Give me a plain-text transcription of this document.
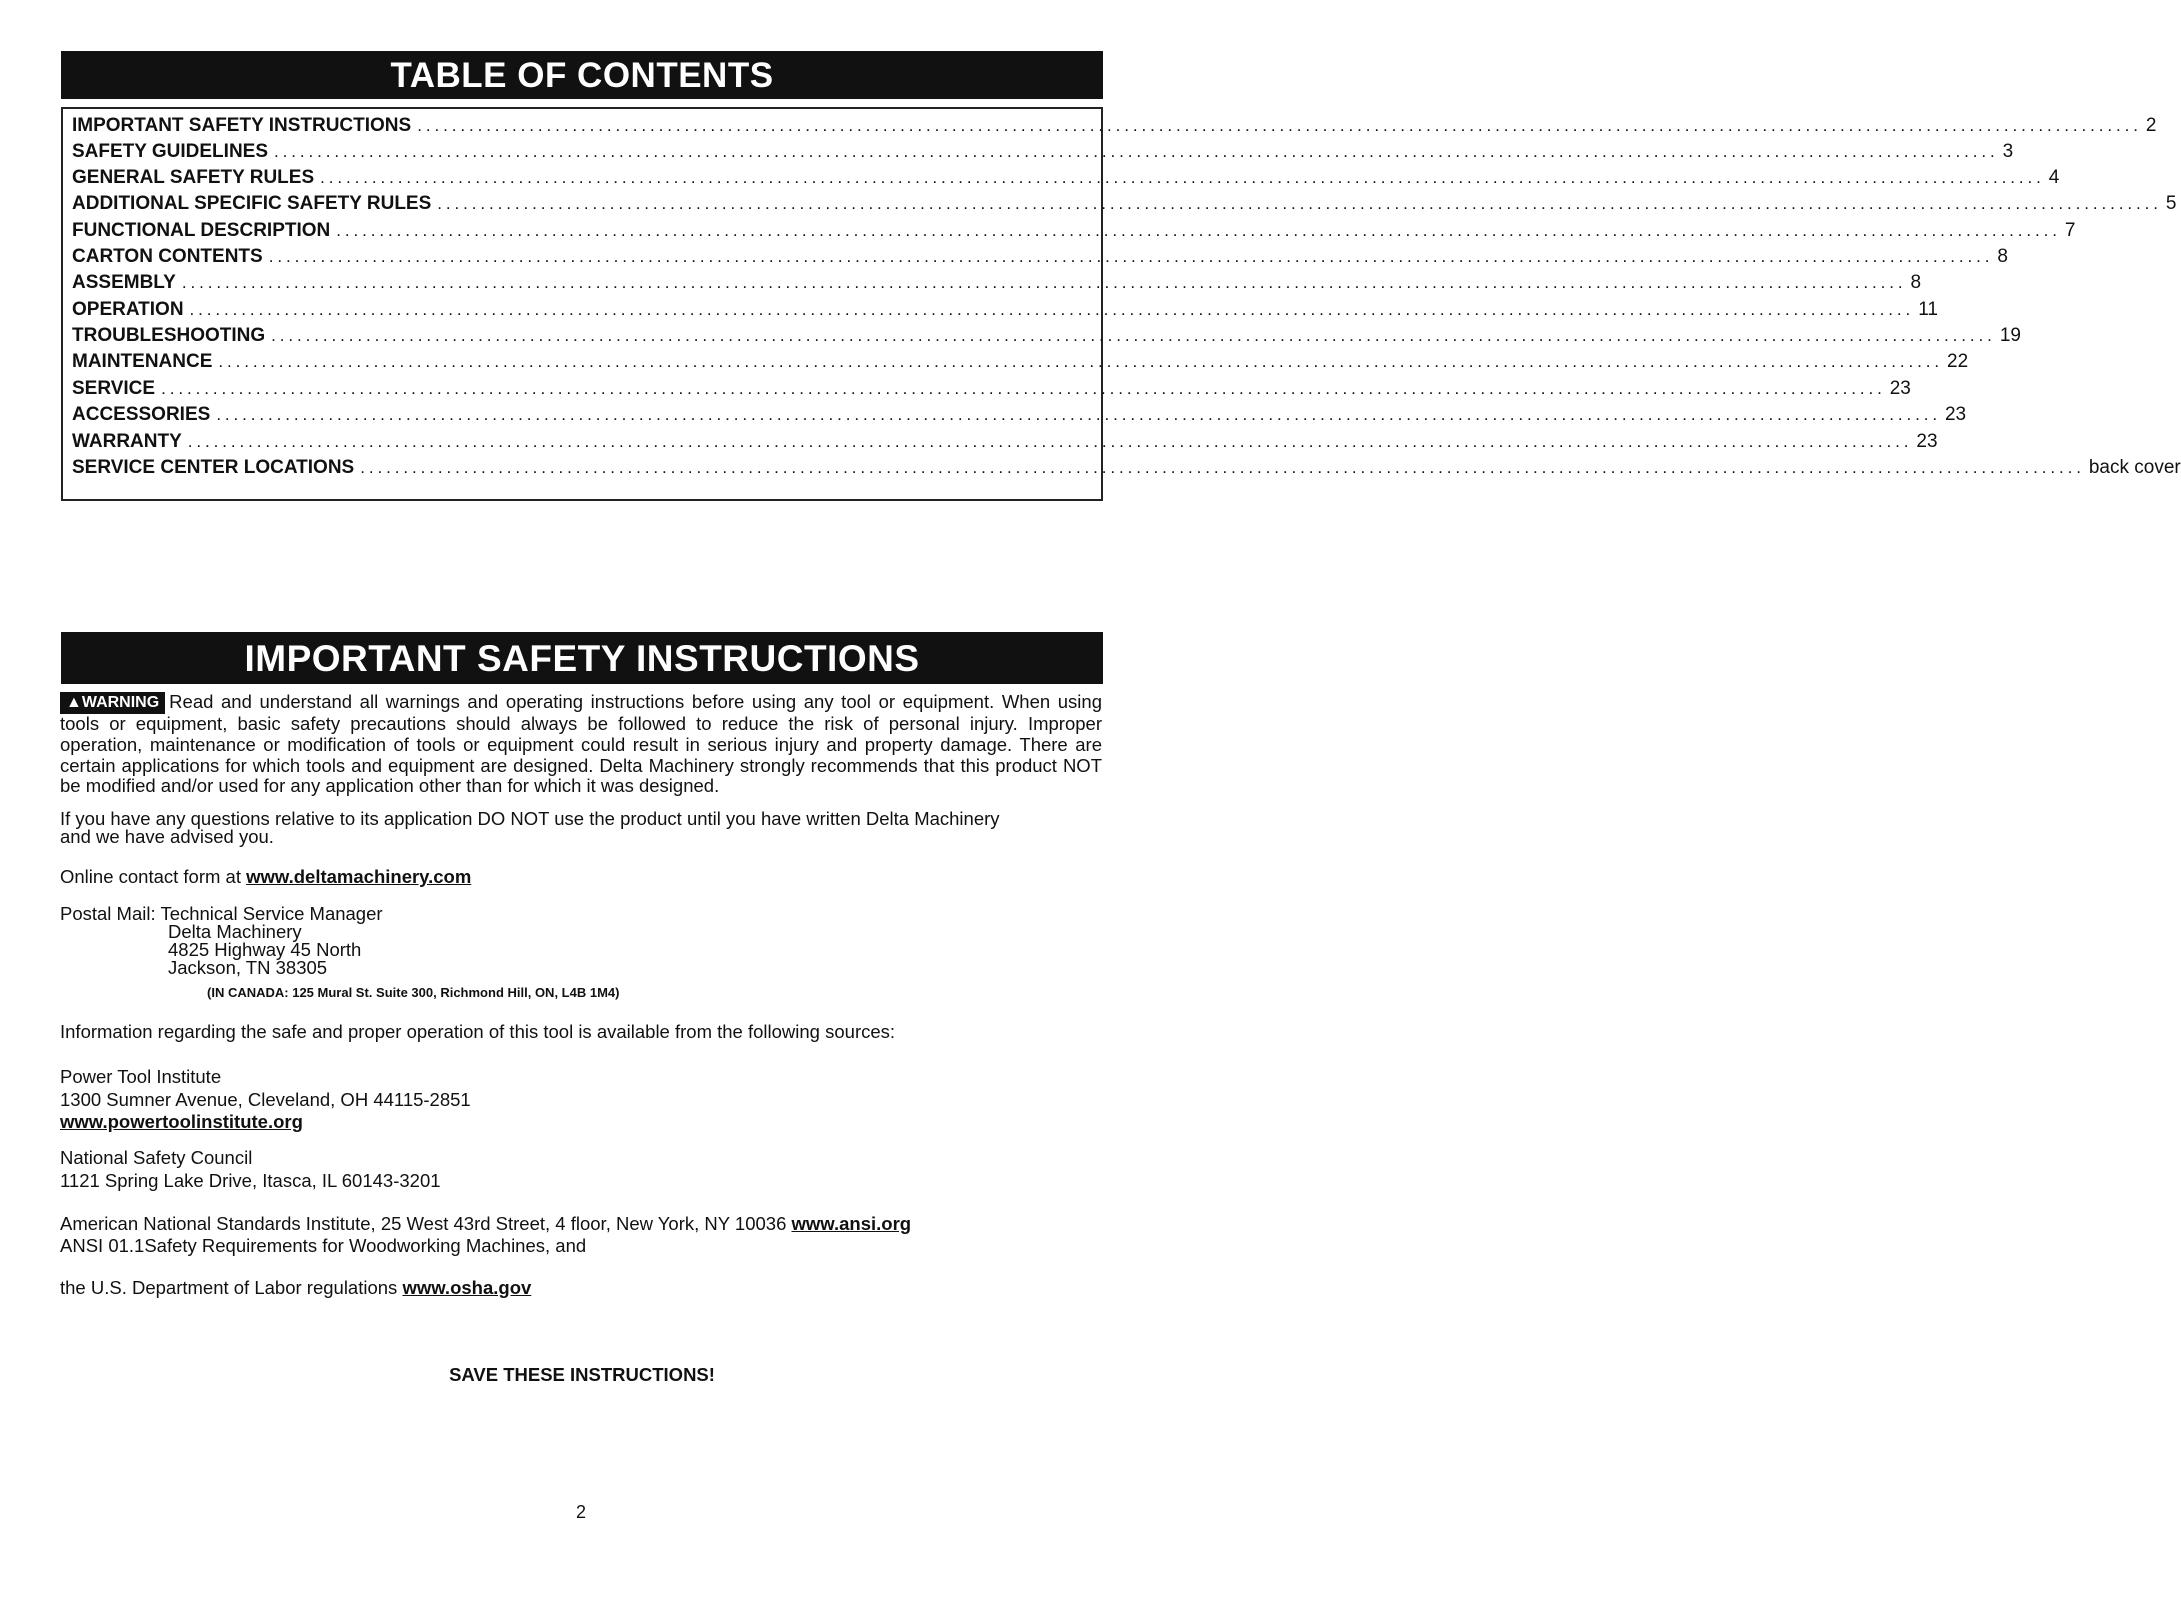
TABLE OF CONTENTS
IMPORTANT SAFETY INSTRUCTIONS ........................................................................................................................................................................................................ 2
SAFETY GUIDELINES ........................................................................................................................................................................................................ 3
GENERAL SAFETY RULES ........................................................................................................................................................................................................ 4
ADDITIONAL SPECIFIC SAFETY RULES ........................................................................................................................................................................................................ 5
FUNCTIONAL DESCRIPTION ........................................................................................................................................................................................................ 7
CARTON CONTENTS ........................................................................................................................................................................................................ 8
ASSEMBLY ........................................................................................................................................................................................................ 8
OPERATION ........................................................................................................................................................................................................ 11
TROUBLESHOOTING ........................................................................................................................................................................................................ 19
MAINTENANCE ........................................................................................................................................................................................................ 22
SERVICE ........................................................................................................................................................................................................ 23
ACCESSORIES ........................................................................................................................................................................................................ 23
WARRANTY ........................................................................................................................................................................................................ 23
SERVICE CENTER LOCATIONS ........................................................................................................................................................................................................ back cover
IMPORTANT SAFETY INSTRUCTIONS
▲WARNING Read and understand all warnings and operating instructions before using any tool or equipment. When using tools or equipment, basic safety precautions should always be followed to reduce the risk of personal injury. Improper operation, maintenance or modification of tools or equipment could result in serious injury and property damage. There are certain applications for which tools and equipment are designed. Delta Machinery strongly recommends that this product NOT be modified and/or used for any application other than for which it was designed.
If you have any questions relative to its application DO NOT use the product until you have written Delta Machinery
and we have advised you.
Online contact form at www.deltamachinery.com
Postal Mail: Technical Service Manager
Delta Machinery
4825 Highway 45 North
Jackson, TN 38305
(IN CANADA: 125 Mural St. Suite 300, Richmond Hill, ON, L4B 1M4)
Information regarding the safe and proper operation of this tool is available from the following sources:
Power Tool Institute
1300 Sumner Avenue, Cleveland, OH 44115-2851
www.powertoolinstitute.org
National Safety Council
1121 Spring Lake Drive, Itasca, IL 60143-3201
American National Standards Institute, 25 West 43rd Street, 4 floor, New York, NY 10036 www.ansi.org
ANSI 01.1Safety Requirements for Woodworking Machines, and
the U.S. Department of Labor regulations www.osha.gov
SAVE THESE INSTRUCTIONS!
2
